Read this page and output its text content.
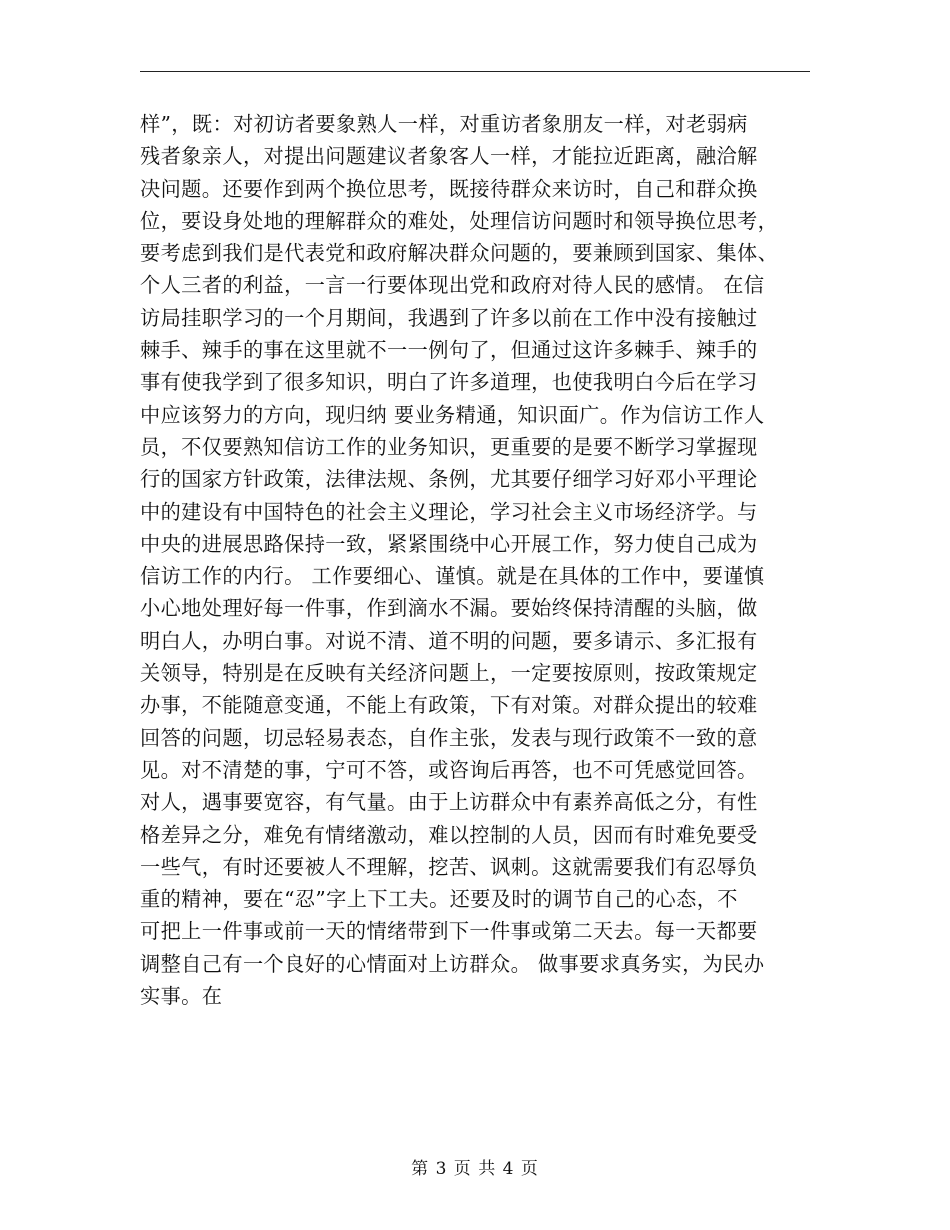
样”，既：对初访者要象熟人一样，对重访者象朋友一样，对老弱病
残者象亲人，对提出问题建议者象客人一样，才能拉近距离，融洽解
决问题。还要作到两个换位思考，既接待群众来访时，自己和群众换
位，要设身处地的理解群众的难处，处理信访问题时和领导换位思考，
要考虑到我们是代表党和政府解决群众问题的，要兼顾到国家、集体、
个人三者的利益，一言一行要体现出党和政府对待人民的感情。 在信
访局挂职学习的一个月期间，我遇到了许多以前在工作中没有接触过
棘手、辣手的事在这里就不一一例句了，但通过这许多棘手、辣手的
事有使我学到了很多知识，明白了许多道理，也使我明白今后在学习
中应该努力的方向，现归纳 要业务精通，知识面广。作为信访工作人
员，不仅要熟知信访工作的业务知识，更重要的是要不断学习掌握现
行的国家方针政策，法律法规、条例，尤其要仔细学习好邓小平理论
中的建设有中国特色的社会主义理论，学习社会主义市场经济学。与
中央的进展思路保持一致，紧紧围绕中心开展工作，努力使自己成为
信访工作的内行。 工作要细心、谨慎。就是在具体的工作中，要谨慎
小心地处理好每一件事，作到滴水不漏。要始终保持清醒的头脑，做
明白人，办明白事。对说不清、道不明的问题，要多请示、多汇报有
关领导，特别是在反映有关经济问题上，一定要按原则，按政策规定
办事，不能随意变通，不能上有政策，下有对策。对群众提出的较难
回答的问题，切忌轻易表态，自作主张，发表与现行政策不一致的意
见。对不清楚的事，宁可不答，或咨询后再答，也不可凭感觉回答。
对人，遇事要宽容，有气量。由于上访群众中有素养高低之分，有性
格差异之分，难免有情绪激动，难以控制的人员，因而有时难免要受
一些气，有时还要被人不理解，挖苦、讽刺。这就需要我们有忍辱负
重的精神，要在“忍”字上下工夫。还要及时的调节自己的心态，不
可把上一件事或前一天的情绪带到下一件事或第二天去。每一天都要
调整自己有一个良好的心情面对上访群众。 做事要求真务实，为民办
实事。在

第 3 页 共 4 页
